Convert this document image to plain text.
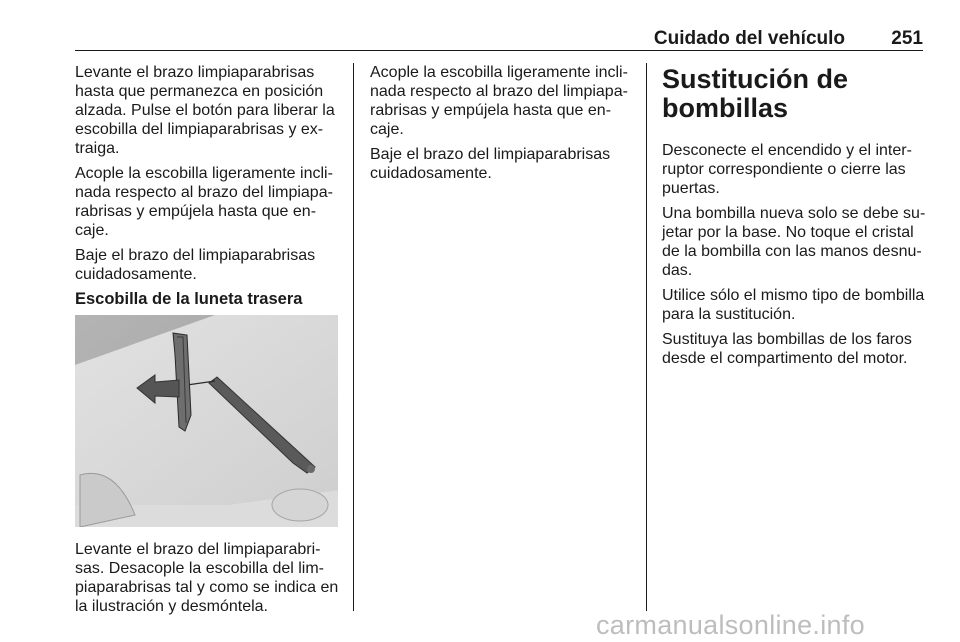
Cuidado del vehículo 251

Levante el brazo limpiaparabrisas hasta que permanezca en posición alzada. Pulse el botón para liberar la escobilla del limpiaparabrisas y ex-traiga.

Acople la escobilla ligeramente incli-nada respecto al brazo del limpiapa-rabrisas y empújela hasta que en-caje.

Baje el brazo del limpiaparabrisas cuidadosamente.

Escobilla de la luneta trasera

Levante el brazo del limpiaparabri-sas. Desacople la escobilla del lim-piaparabrisas tal y como se indica en la ilustración y desmóntela.

Acople la escobilla ligeramente incli-nada respecto al brazo del limpiapa-rabrisas y empújela hasta que en-caje.

Baje el brazo del limpiaparabrisas cuidadosamente.

Sustitución de bombillas

Desconecte el encendido y el inter-ruptor correspondiente o cierre las puertas.

Una bombilla nueva solo se debe su-jetar por la base. No toque el cristal de la bombilla con las manos desnu-das.

Utilice sólo el mismo tipo de bombilla para la sustitución.

Sustituya las bombillas de los faros desde el compartimento del motor.

carmanualsonline.info
